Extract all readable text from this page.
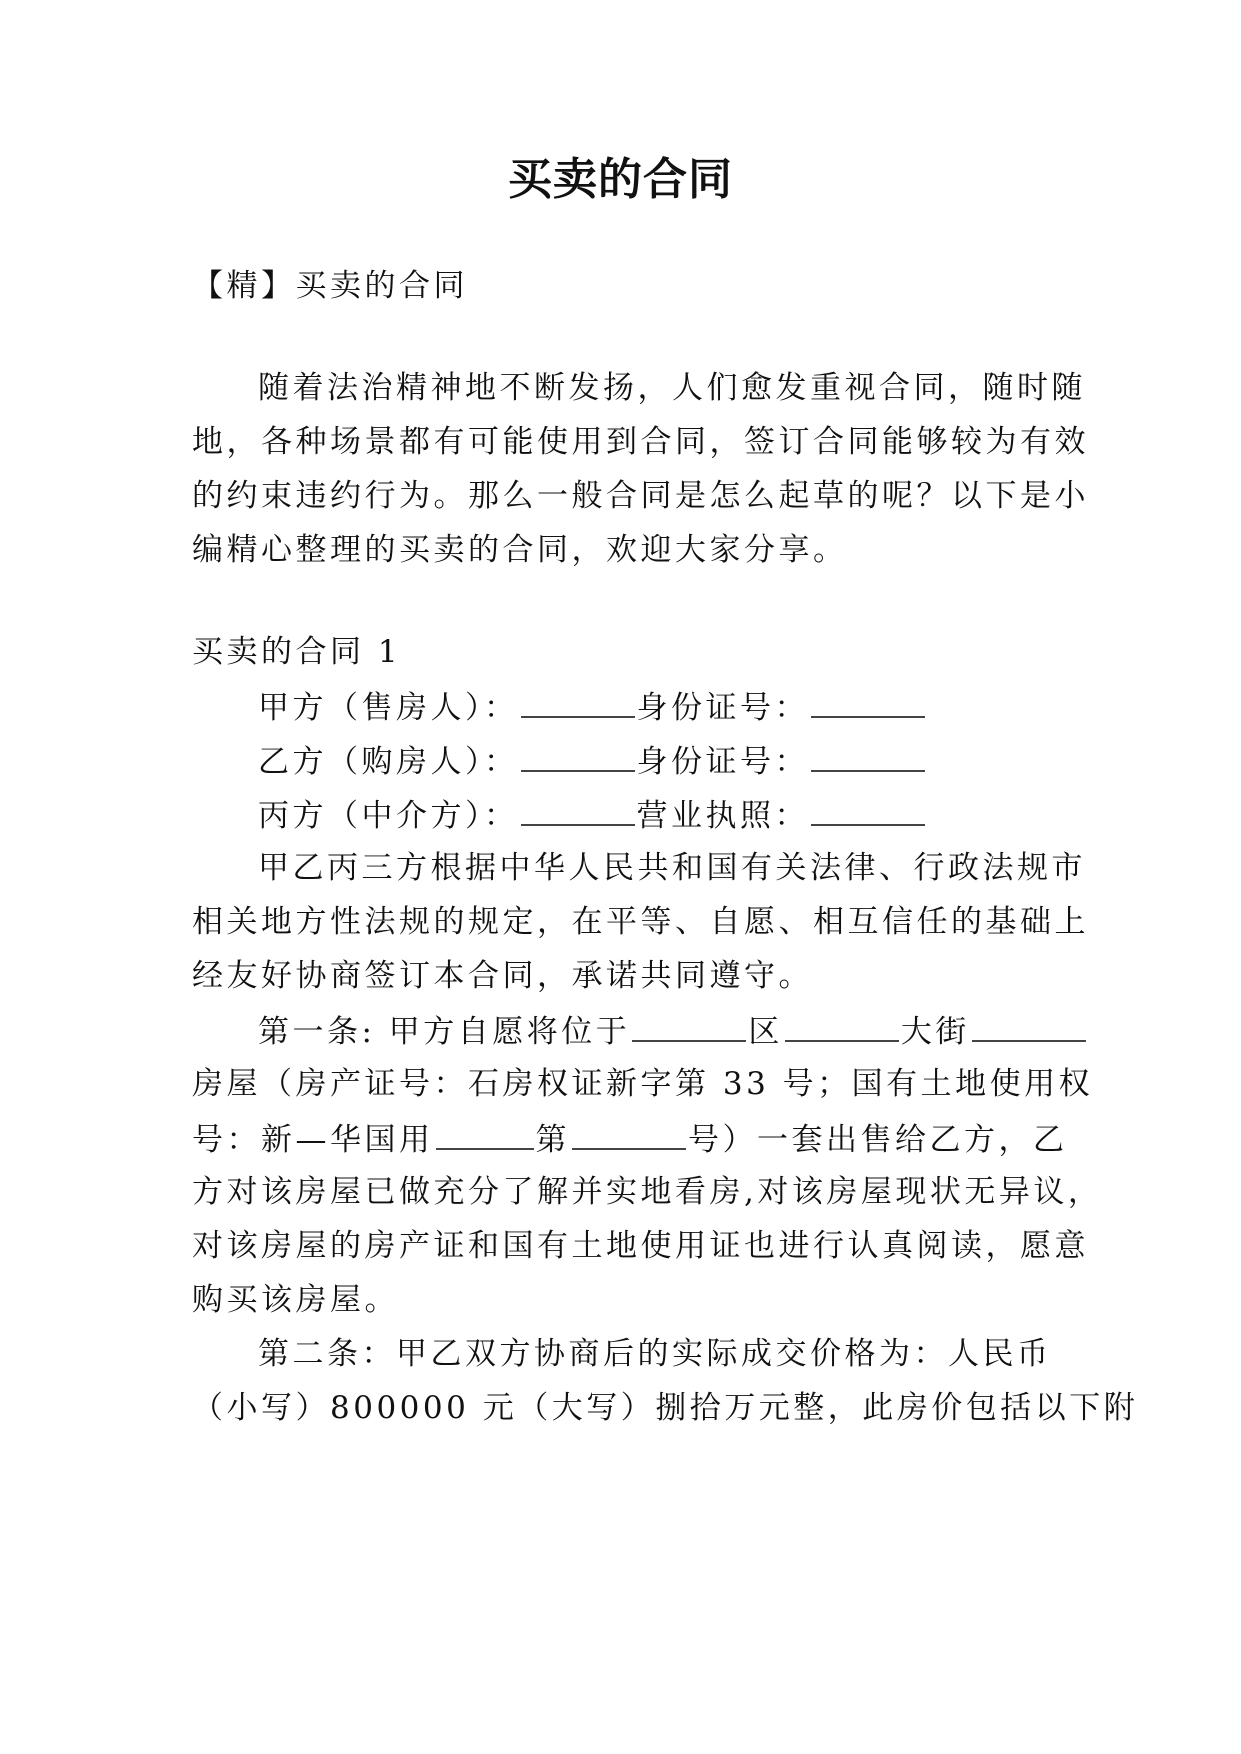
买卖的合同

【精】买卖的合同

随着法治精神地不断发扬，人们愈发重视合同，随时随

地，各种场景都有可能使用到合同，签订合同能够较为有效

的约束违约行为。那么一般合同是怎么起草的呢？以下是小

编精心整理的买卖的合同，欢迎大家分享。

买卖的合同 1

甲方（售房人）：	身份证号：

乙方（购房人）：	身份证号：

丙方（中介方）：	营业执照：

甲乙丙三方根据中华人民共和国有关法律、行政法规市

相关地方性法规的规定，在平等、自愿、相互信任的基础上

经友好协商签订本合同，承诺共同遵守。

第一条: 甲方自愿将位于	区	大街

房屋（房产证号：石房权证新字第 33 号；国有土地使用权

号：新—华国用	第	号）一套出售给乙方，乙

方对该房屋已做充分了解并实地看房,对该房屋现状无异议，

对该房屋的房产证和国有土地使用证也进行认真阅读，愿意

购买该房屋。

第二条：甲乙双方协商后的实际成交价格为：人民币

（小写）800000 元（大写）捌拾万元整，此房价包括以下附
